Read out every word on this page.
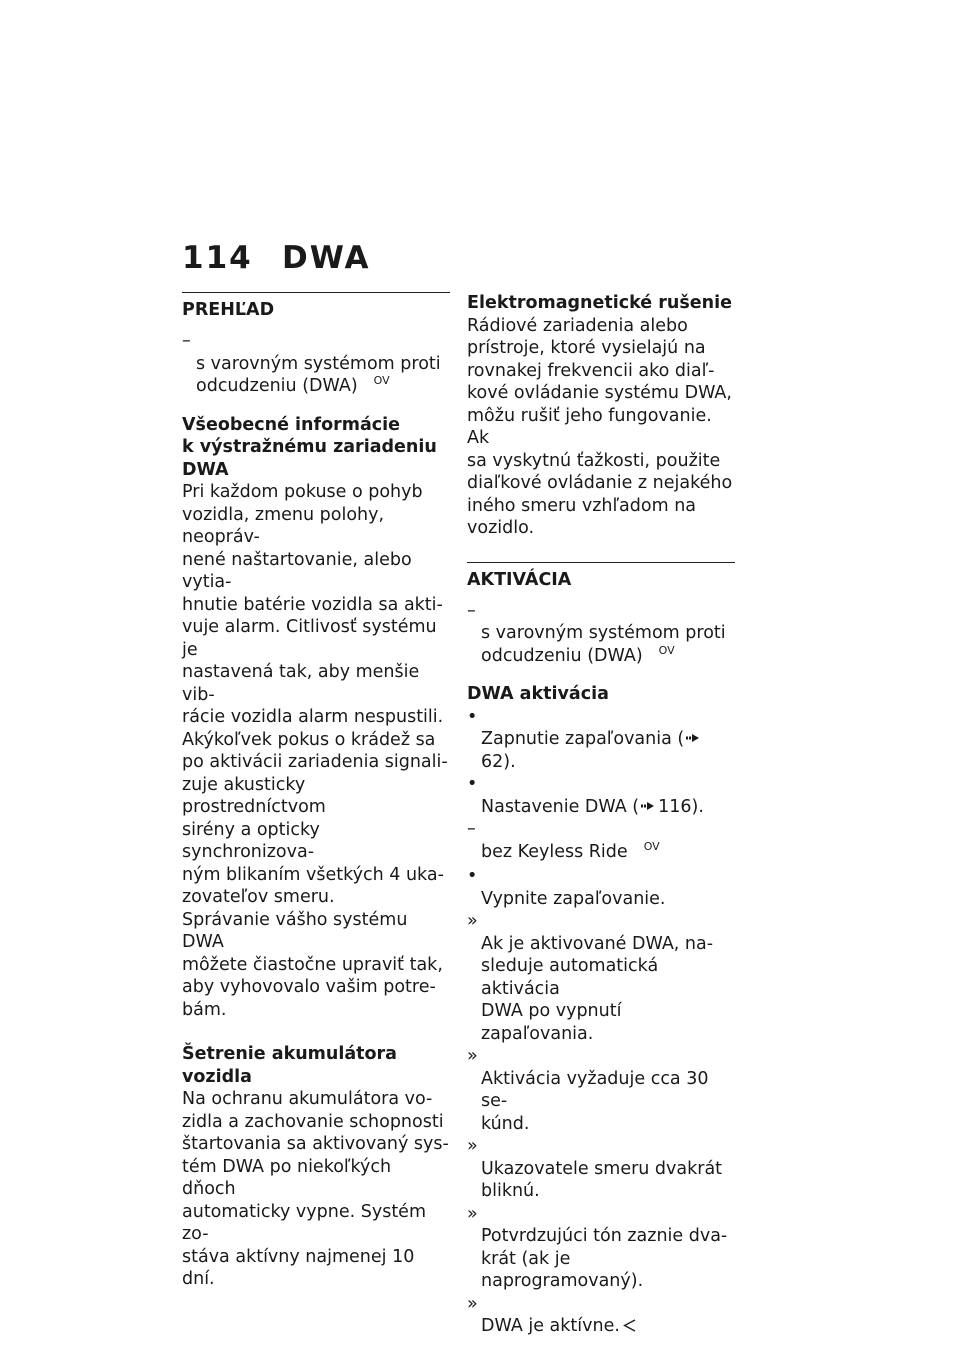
114 DWA
PREHĽAD

–
s varovným systémom proti
odcudzeniu (DWA) $^{OV}$

Všeobecné informácie
k výstražnému zariadeniu
DWA
Pri každom pokuse o pohyb
vozidla, zmenu polohy, neopráv-
nené naštartovanie, alebo vytia-
hnutie batérie vozidla sa akti-
vuje alarm. Citlivosť systému je
nastavená tak, aby menšie vib-
rácie vozidla alarm nespustili.
Akýkoľvek pokus o krádež sa
po aktivácii zariadenia signali-
zuje akusticky prostredníctvom
sirény a opticky synchronizova-
ným blikaním všetkých 4 uka-
zovateľov smeru.
Správanie vášho systému DWA
môžete čiastočne upraviť tak,
aby vyhovovalo vašim potre-
bám.
Šetrenie akumulátora vozidla
Na ochranu akumulátora vo-
zidla a zachovanie schopnosti
štartovania sa aktivovaný sys-
tém DWA po niekoľkých dňoch
automaticky vypne. Systém zo-
stáva aktívny najmenej 10 dní.
Elektromagnetické rušenie
Rádiové zariadenia alebo
prístroje, ktoré vysielajú na
rovnakej frekvencii ako diaľ-
kové ovládanie systému DWA,
môžu rušiť jeho fungovanie. Ak
sa vyskytnú ťažkosti, použite
diaľkové ovládanie z nejakého
iného smeru vzhľadom na
vozidlo.
AKTIVÁCIA

–
s varovným systémom proti
odcudzeniu (DWA) $^{OV}$

DWA aktivácia

•
Zapnutie zapaľovania (62).

•
Nastavenie DWA ( 116).

–
bez Keyless Ride $^{OV}$

•
Vypnite zapaľovanie.

»
Ak je aktivované DWA, na-
sleduje automatická aktivácia
DWA po vypnutí zapaľovania.

»
Aktivácia vyžaduje cca 30 se-
kúnd.

»
Ukazovatele smeru dvakrát
bliknú.

»
Potvrdzujúci tón zaznie dva-
krát (ak je naprogramovaný).

»
DWA je aktívne.
